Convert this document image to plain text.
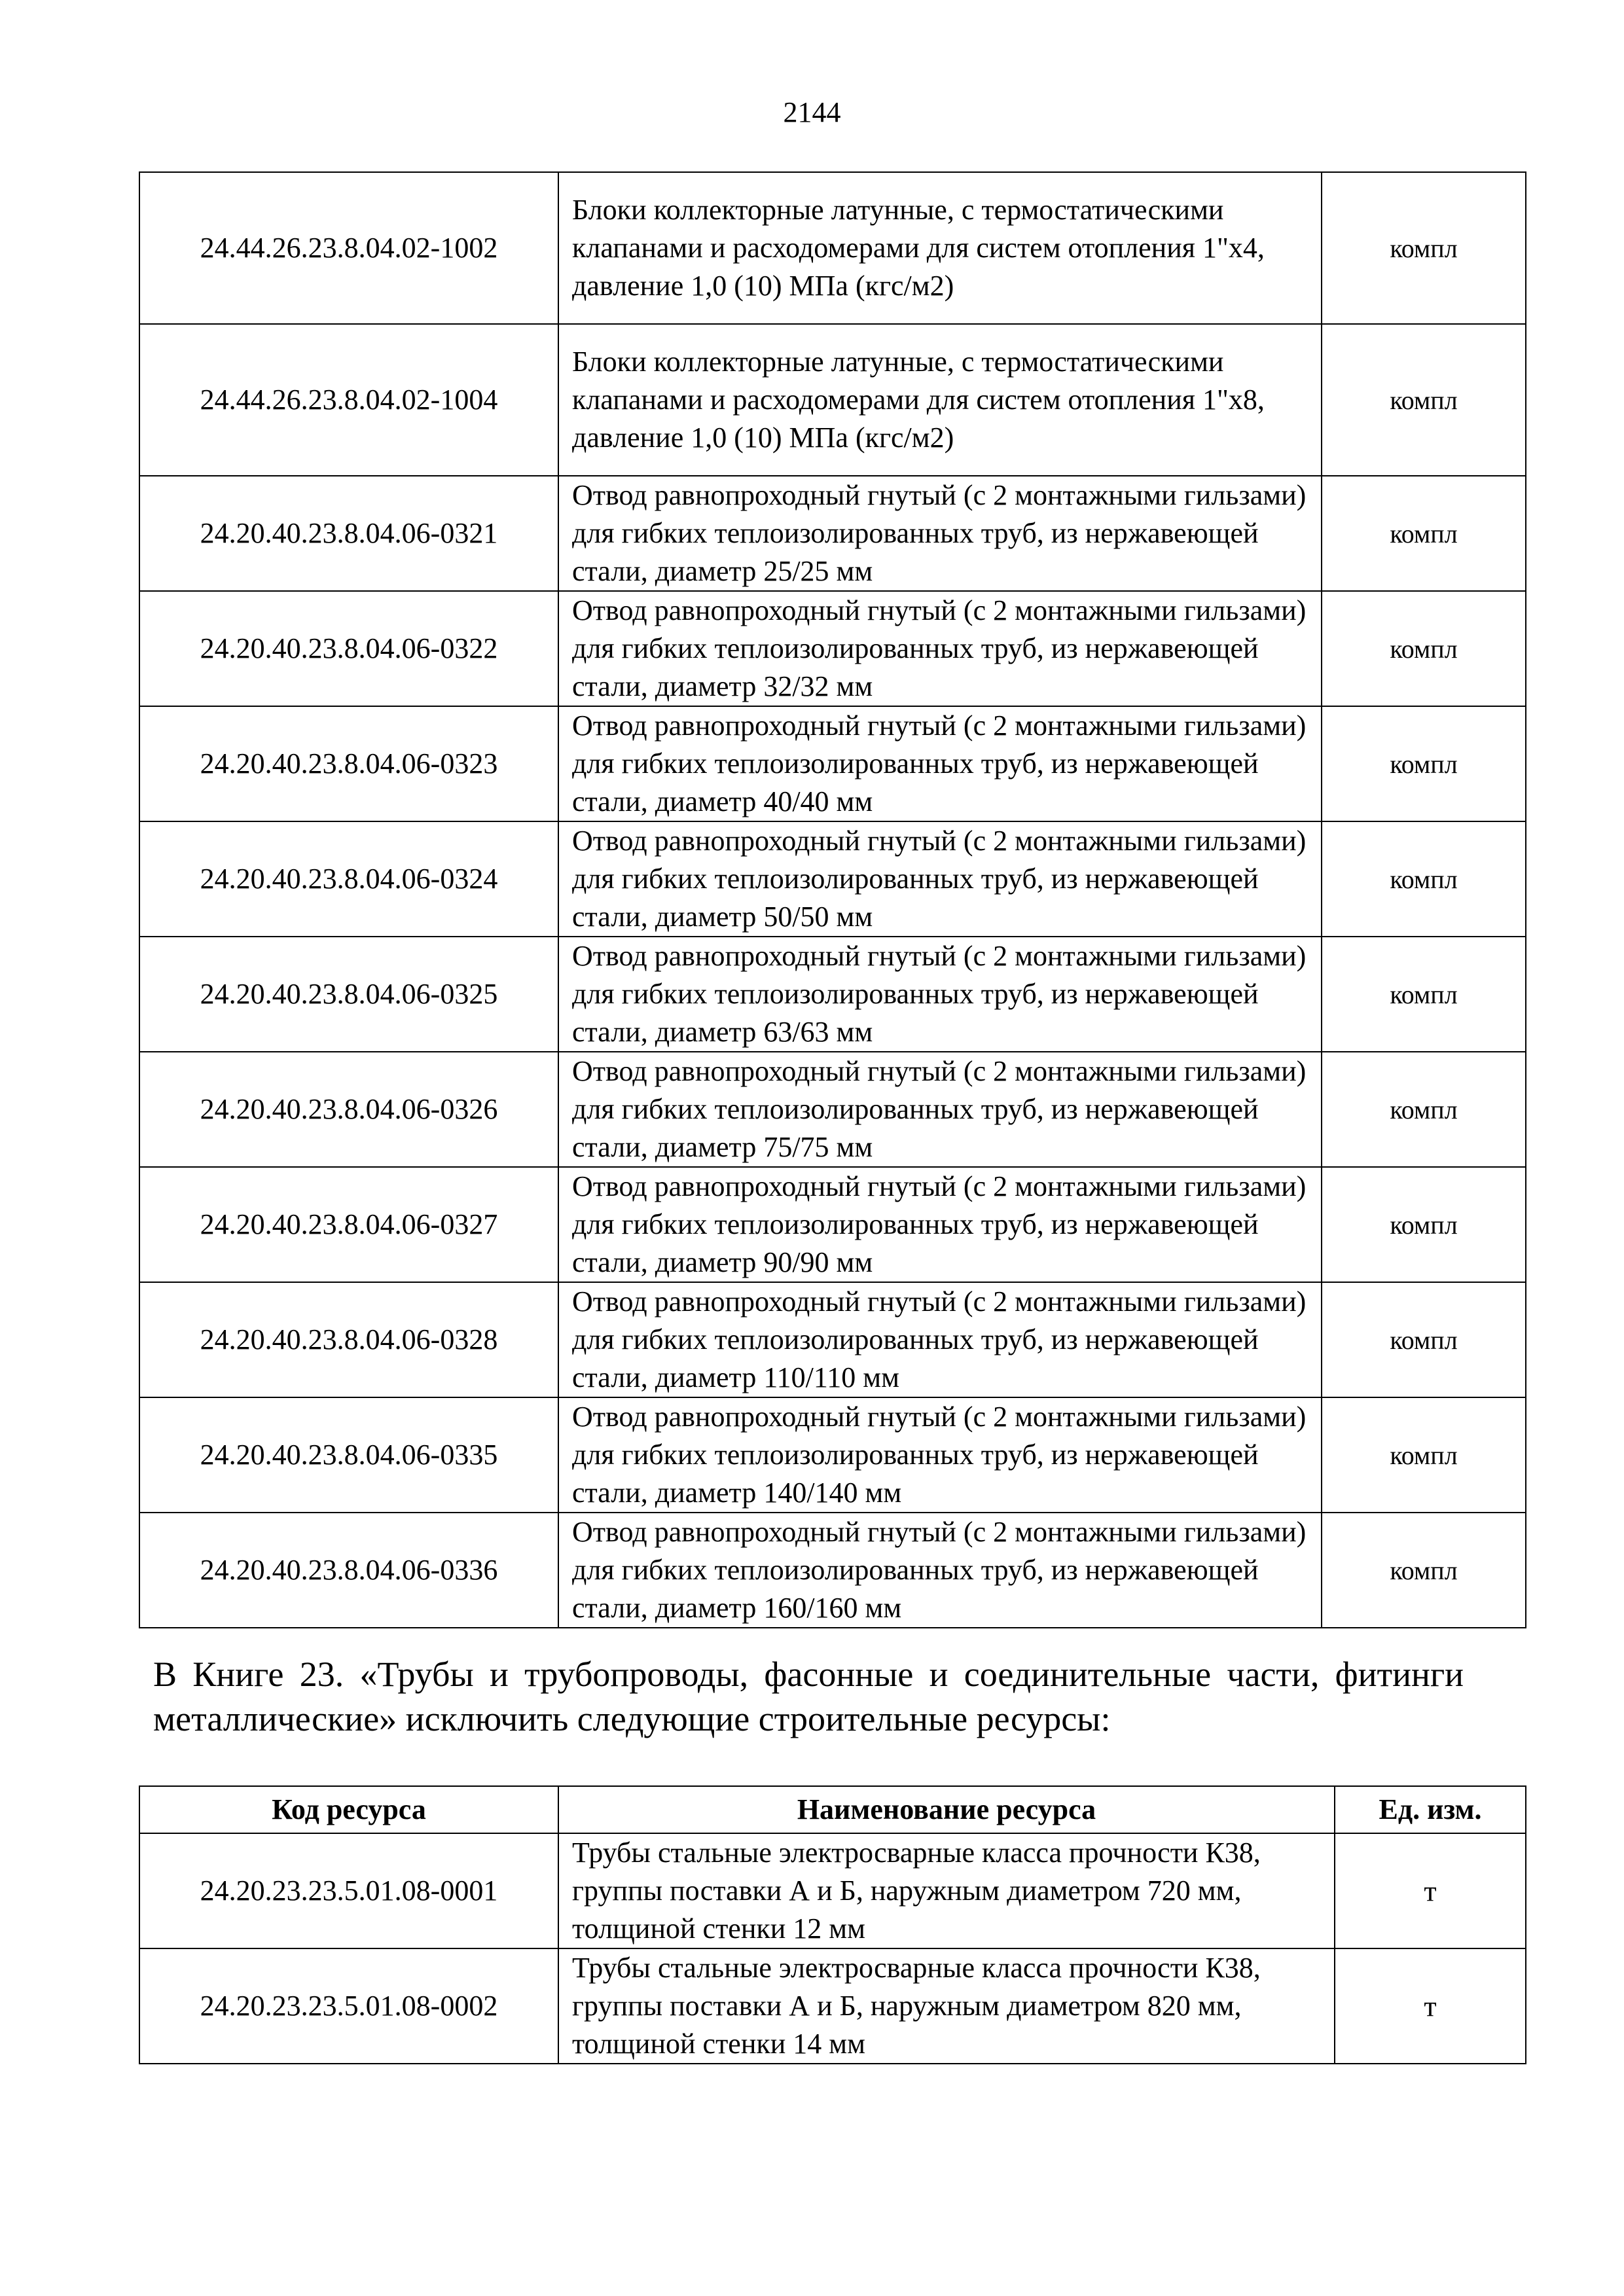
2144
24.44.26.23.8.04.02-1002	Блоки коллекторные латунные, с термостатическими клапанами и расходомерами для систем отопления 1"x4, давление 1,0 (10) МПа (кгс/м2)	компл
24.44.26.23.8.04.02-1004	Блоки коллекторные латунные, с термостатическими клапанами и расходомерами для систем отопления 1"x8, давление 1,0 (10) МПа (кгс/м2)	компл
24.20.40.23.8.04.06-0321	Отвод равнопроходный гнутый (с 2 монтажными гильзами) для гибких теплоизолированных труб, из нержавеющей стали, диаметр 25/25 мм	компл
24.20.40.23.8.04.06-0322	Отвод равнопроходный гнутый (с 2 монтажными гильзами) для гибких теплоизолированных труб, из нержавеющей стали, диаметр 32/32 мм	компл
24.20.40.23.8.04.06-0323	Отвод равнопроходный гнутый (с 2 монтажными гильзами) для гибких теплоизолированных труб, из нержавеющей стали, диаметр 40/40 мм	компл
24.20.40.23.8.04.06-0324	Отвод равнопроходный гнутый (с 2 монтажными гильзами) для гибких теплоизолированных труб, из нержавеющей стали, диаметр 50/50 мм	компл
24.20.40.23.8.04.06-0325	Отвод равнопроходный гнутый (с 2 монтажными гильзами) для гибких теплоизолированных труб, из нержавеющей стали, диаметр 63/63 мм	компл
24.20.40.23.8.04.06-0326	Отвод равнопроходный гнутый (с 2 монтажными гильзами) для гибких теплоизолированных труб, из нержавеющей стали, диаметр 75/75 мм	компл
24.20.40.23.8.04.06-0327	Отвод равнопроходный гнутый (с 2 монтажными гильзами) для гибких теплоизолированных труб, из нержавеющей стали, диаметр 90/90 мм	компл
24.20.40.23.8.04.06-0328	Отвод равнопроходный гнутый (с 2 монтажными гильзами) для гибких теплоизолированных труб, из нержавеющей стали, диаметр 110/110 мм	компл
24.20.40.23.8.04.06-0335	Отвод равнопроходный гнутый (с 2 монтажными гильзами) для гибких теплоизолированных труб, из нержавеющей стали, диаметр 140/140 мм	компл
24.20.40.23.8.04.06-0336	Отвод равнопроходный гнутый (с 2 монтажными гильзами) для гибких теплоизолированных труб, из нержавеющей стали, диаметр 160/160 мм	компл
В Книге 23. «Трубы и трубопроводы, фасонные и соединительные части, фитинги металлические» исключить следующие строительные ресурсы:
Код ресурса	Наименование ресурса	Ед. изм.
24.20.23.23.5.01.08-0001	Трубы стальные электросварные класса прочности К38, группы поставки А и Б, наружным диаметром 720 мм, толщиной стенки 12 мм	т
24.20.23.23.5.01.08-0002	Трубы стальные электросварные класса прочности К38, группы поставки А и Б, наружным диаметром 820 мм, толщиной стенки 14 мм	т
